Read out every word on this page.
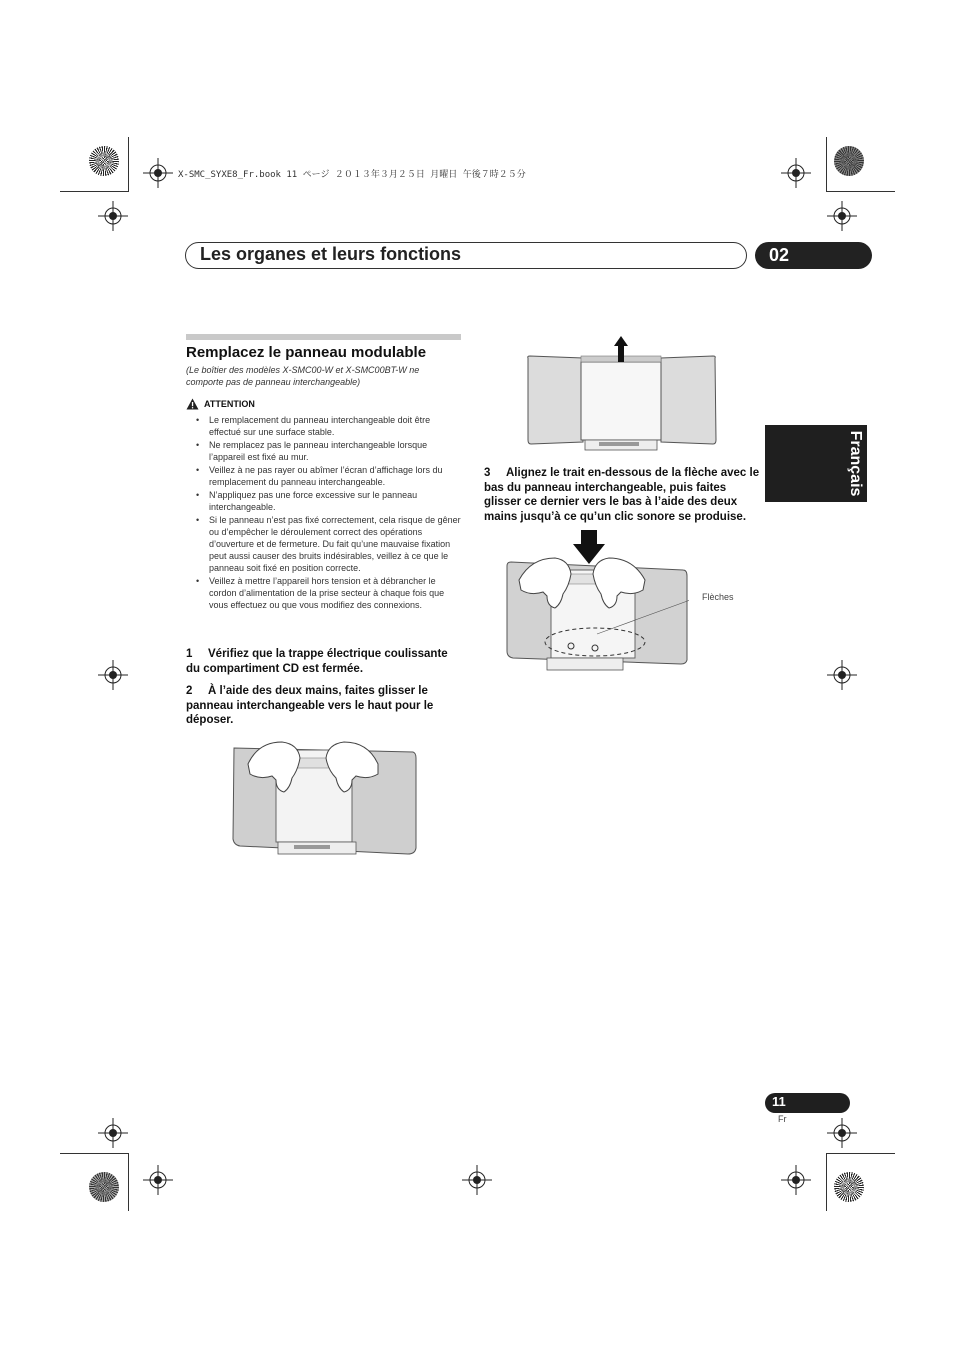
X-SMC_SYXE8_Fr.book 11 ページ ２０１３年３月２５日 月曜日 午後７時２５分
Les organes et leurs fonctions	02
Français
Remplacez le panneau modulable
(Le boîtier des modèles X-SMC00-W et X-SMC00BT-W ne comporte pas de panneau interchangeable)
ATTENTION
• Le remplacement du panneau interchangeable doit être effectué sur une surface stable.
• Ne remplacez pas le panneau interchangeable lorsque l’appareil est fixé au mur.
• Veillez à ne pas rayer ou abîmer l’écran d’affichage lors du remplacement du panneau interchangeable.
• N’appliquez pas une force excessive sur le panneau interchangeable.
• Si le panneau n’est pas fixé correctement, cela risque de gêner ou d’empêcher le déroulement correct des opérations d’ouverture et de fermeture. Du fait qu’une mauvaise fixation peut aussi causer des bruits indésirables, veillez à ce que le panneau soit fixé en position correcte.
• Veillez à mettre l’appareil hors tension et à débrancher le cordon d’alimentation de la prise secteur à chaque fois que vous effectuez ou que vous modifiez des connexions.
1 Vérifiez que la trappe électrique coulissante du compartiment CD est fermée.
2 À l’aide des deux mains, faites glisser le panneau interchangeable vers le haut pour le déposer.
3 Alignez le trait en-dessous de la flèche avec le bas du panneau interchangeable, puis faites glisser ce dernier vers le bas à l’aide des deux mains jusqu’à ce qu’un clic sonore se produise.
Flèches
11
Fr
